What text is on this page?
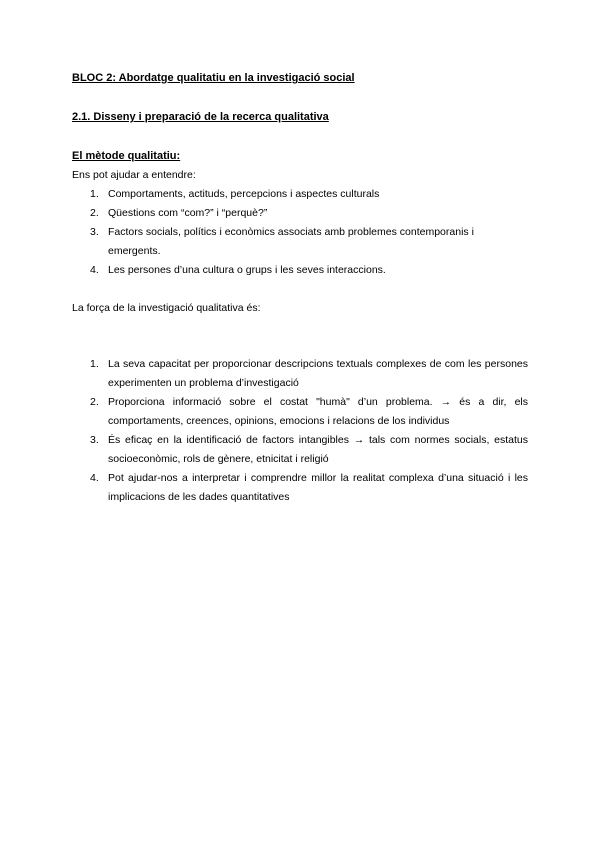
BLOC 2: Abordatge qualitatiu en la investigació social
2.1. Disseny i preparació de la recerca qualitativa
El mètode qualitatiu:
Ens pot ajudar a entendre:
1. Comportaments, actituds, percepcions i aspectes culturals
2. Qüestions com “com?” i “perquè?”
3. Factors socials, polítics i econòmics associats amb problemes contemporanis i emergents.
4. Les persones d’una cultura o grups i les seves interaccions.
La força de la investigació qualitativa és:
1. La seva capacitat per proporcionar descripcions textuals complexes de com les persones experimenten un problema d’investigació
2. Proporciona informació sobre el costat "humà" d’un problema. → és a dir, els comportaments, creences, opinions, emocions i relacions de los individus
3. És eficaç en la identificació de factors intangibles → tals com normes socials, estatus socioeconòmic, rols de gènere, etnicitat i religió
4. Pot ajudar-nos a interpretar i comprendre millor la realitat complexa d’una situació i les implicacions de les dades quantitatives
